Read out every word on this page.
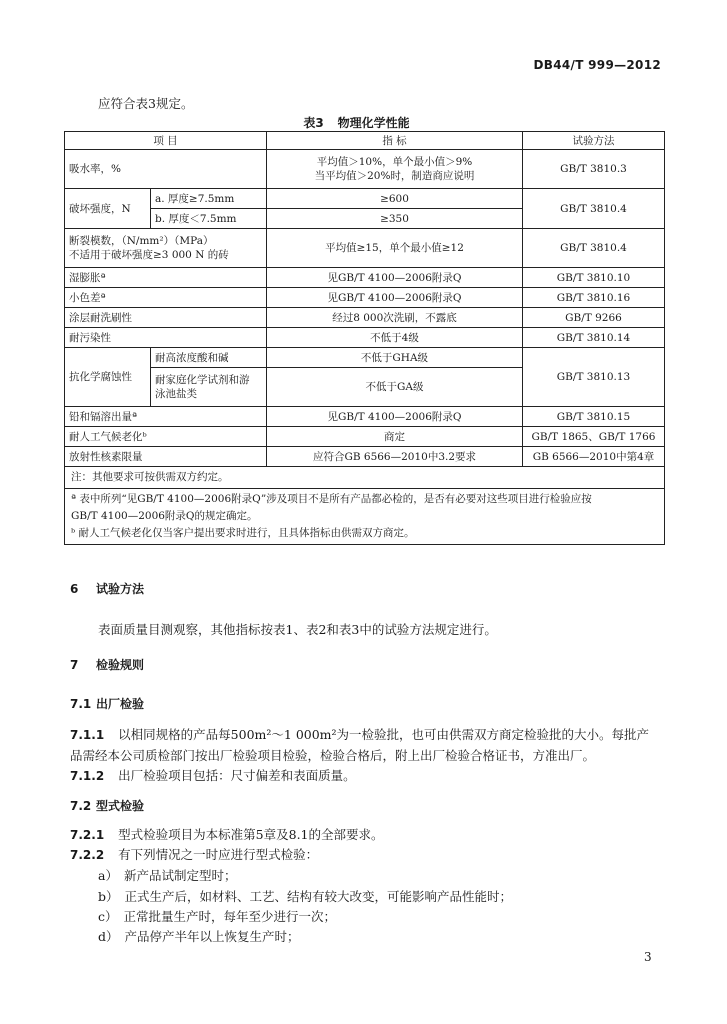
DB44/T 999—2012
应符合表3规定。
表3 物理化学性能
项 目		指 标	试验方法
吸水率，%		平均值＞10%，单个最小值＞9%
当平均值＞20%时，制造商应说明	GB/T 3810.3
破坏强度，N	a. 厚度≥7.5mm	≥600	GB/T 3810.4
	b. 厚度＜7.5mm	≥350	

断裂模数，（N/mm²）（MPa）
不适用于破坏强度≥3 000 N 的砖		平均值≥15，单个最小值≥12	GB/T 3810.4
湿膨胀ª		见GB/T 4100—2006附录Q	GB/T 3810.10
小色差ª		见GB/T 4100—2006附录Q	GB/T 3810.16
涂层耐洗刷性		经过8 000次洗刷，不露底	GB/T 9266
耐污染性		不低于4级	GB/T 3810.14
抗化学腐蚀性	耐高浓度酸和碱	不低于GHA级	GB/T 3810.13

	耐家庭化学试剂和游
泳池盐类	不低于GA级	
铅和镉溶出量ª		见GB/T 4100—2006附录Q	GB/T 3810.15
耐人工气候老化ᵇ		商定	GB/T 1865、GB/T 1766
放射性核素限量		应符合GB 6566—2010中3.2要求	GB 6566—2010中第4章

注：其他要求可按供需双方约定。
ª 表中所列“见GB/T 4100—2006附录Q”涉及项目不是所有产品都必检的，是否有必要对这些项目进行检验应按
GB/T 4100—2006附录Q的规定确定。
ᵇ 耐人工气候老化仅当客户提出要求时进行，且具体指标由供需双方商定。			
6 试验方法
表面质量目测观察，其他指标按表1、表2和表3中的试验方法规定进行。
7 检验规则
7.1 出厂检验
7.1.1 以相同规格的产品每500m²～1 000m²为一检验批，也可由供需双方商定检验批的大小。每批产
品需经本公司质检部门按出厂检验项目检验，检验合格后，附上出厂检验合格证书，方准出厂。
7.1.2 出厂检验项目包括：尺寸偏差和表面质量。
7.2 型式检验
7.2.1 型式检验项目为本标准第5章及8.1的全部要求。
7.2.2 有下列情况之一时应进行型式检验：
a） 新产品试制定型时；
b） 正式生产后，如材料、工艺、结构有较大改变，可能影响产品性能时；
c） 正常批量生产时，每年至少进行一次；
d） 产品停产半年以上恢复生产时；
3
